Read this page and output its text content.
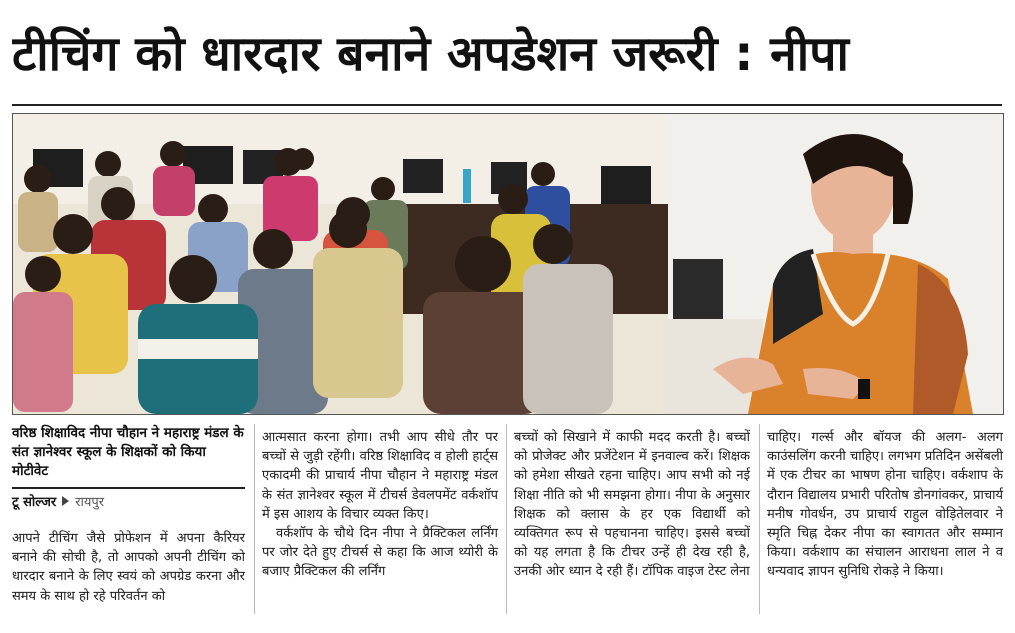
टीचिंग को धारदार बनाने अपडेशन जरूरी : नीपा
वरिष्ठ शिक्षाविद नीपा चौहान ने महाराष्ट्र मंडल के संत ज्ञानेश्वर स्कूल के शिक्षकों को किया मोटीवेट
टू सोल्जर रायपुर

आपने टीचिंग जैसे प्रोफेशन में अपना कैरियर बनाने की सोची है, तो आपको अपनी टीचिंग को धारदार बनाने के लिए स्वयं को अपग्रेड करना और समय के साथ हो रहे परिवर्तन को

आत्मसात करना होगा। तभी आप सीधे तौर पर बच्चों से जुड़ी रहेंगी। वरिष्ठ शिक्षाविद व होली हार्ट्स एकादमी की प्राचार्य नीपा चौहान ने महाराष्ट्र मंडल के संत ज्ञानेश्वर स्कूल में टीचर्स डेवलपमेंट वर्कशॉप में इस आशय के विचार व्यक्त किए।

वर्कशॉप के चौथे दिन नीपा ने प्रैक्टिकल लर्निंग पर जोर देते हुए टीचर्स से कहा कि आज थ्योरी के बजाए प्रैक्टिकल की लर्निंग

बच्चों को सिखाने में काफी मदद करती है। बच्चों को प्रोजेक्ट और प्रजेंटेशन में इनवाल्व करें। शिक्षक को हमेशा सीखते रहना चाहिए। आप सभी को नई शिक्षा नीति को भी समझना होगा। नीपा के अनुसार शिक्षक को क्लास के हर एक विद्यार्थी को व्यक्तिगत रूप से पहचानना चाहिए। इससे बच्चों को यह लगता है कि टीचर उन्हें ही देख रही है, उनकी ओर ध्यान दे रही हैं। टॉपिक वाइज टेस्ट लेना

चाहिए। गर्ल्स और बॉयज की अलग- अलग काउंसलिंग करनी चाहिए। लगभग प्रतिदिन असेंबली में एक टीचर का भाषण होना चाहिए। वर्कशाप के दौरान विद्यालय प्रभारी परितोष डोनगांवकर, प्राचार्य मनीष गोवर्धन, उप प्राचार्य राहुल वोड़ितेलवार ने स्मृति चिह्न देकर नीपा का स्वागतत और सम्मान किया। वर्कशाप का संचालन आराधना लाल ने व धन्यवाद ज्ञापन सुनिधि रोकड़े ने किया।
